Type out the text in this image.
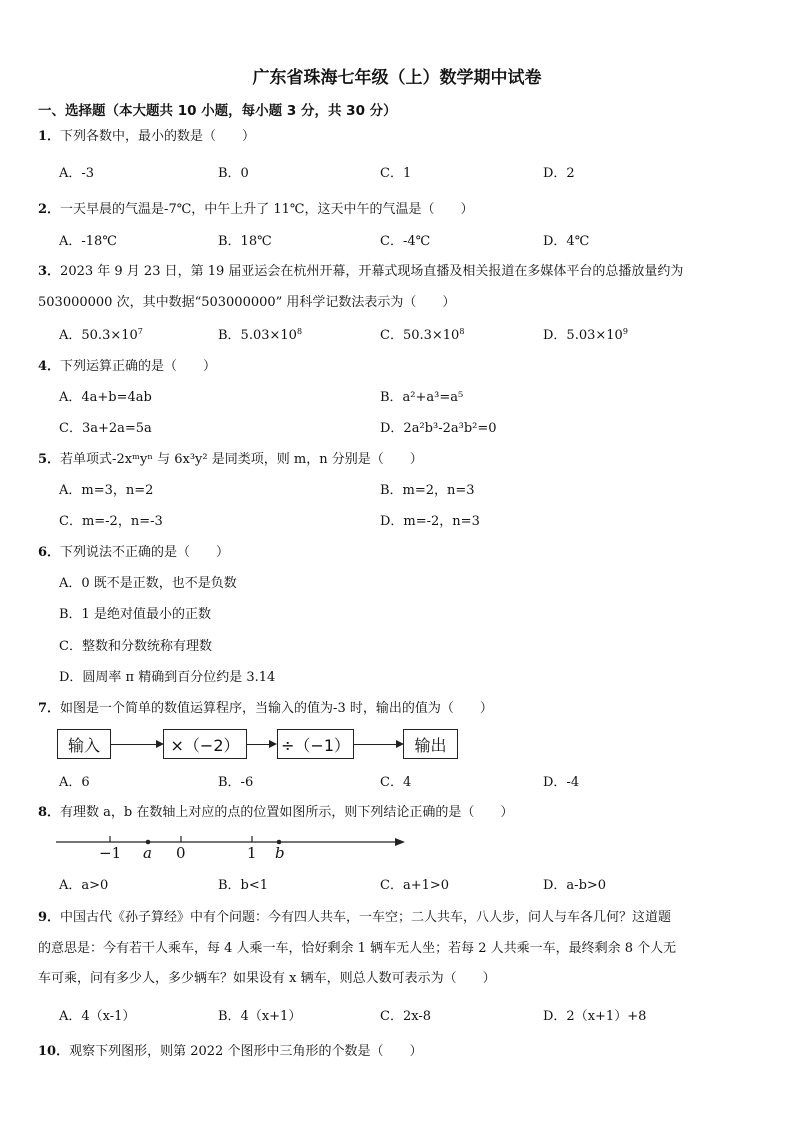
广东省珠海七年级（上）数学期中试卷
一、选择题（本大题共 10 小题，每小题 3 分，共 30 分）
1．下列各数中，最小的数是（　　）
A．-3	B．0	C．1	D．2
2．一天早晨的气温是-7℃，中午上升了 11℃，这天中午的气温是（　　）
A．-18℃	B．18℃	C．-4℃	D．4℃
3．2023 年 9 月 23 日，第 19 届亚运会在杭州开幕，开幕式现场直播及相关报道在多媒体平台的总播放量约为
503000000 次，其中数据“503000000” 用科学记数法表示为（　　）
A．$50.3\times 10^7$	B．$5.03\times 10^8$	C．$50.3\times 10^8$	D．$5.03\times 10^9$
4．下列运算正确的是（　　）
A．4a+b=4ab	B．a²+a³=a⁵
C．3a+2a=5a	D．2a²b³-2a³b²=0
5．若单项式-2xᵐyⁿ 与 6x³y² 是同类项，则 m，n 分别是（　　）
A．m=3，n=2	B．m=2，n=3
C．m=-2，n=-3	D．m=-2，n=3
6．下列说法不正确的是（　　）
A．0 既不是正数，也不是负数
B．1 是绝对值最小的正数
C．整数和分数统称有理数
D．圆周率 π 精确到百分位约是 3.14
7．如图是一个简单的数值运算程序，当输入的值为-3 时，输出的值为（　　）
输入	×（−2）	÷（−1）	输出
A．6	B．-6	C．4	D．-4
8．有理数 a，b 在数轴上对应的点的位置如图所示，则下列结论正确的是（　　）
−1 a 0	1 b
A．a>0	B．b<1	C．a+1>0	D．a-b>0
9．中国古代《孙子算经》中有个问题：今有四人共车，一车空；二人共车，八人步，问人与车各几何？这道题
的意思是：今有若干人乘车，每 4 人乘一车，恰好剩余 1 辆车无人坐；若每 2 人共乘一车，最终剩余 8 个人无
车可乘，问有多少人，多少辆车？如果设有 x 辆车，则总人数可表示为（　　）
A．4（x-1）	B．4（x+1）	C．2x-8	D．2（x+1）+8
10．观察下列图形，则第 2022 个图形中三角形的个数是（　　）
